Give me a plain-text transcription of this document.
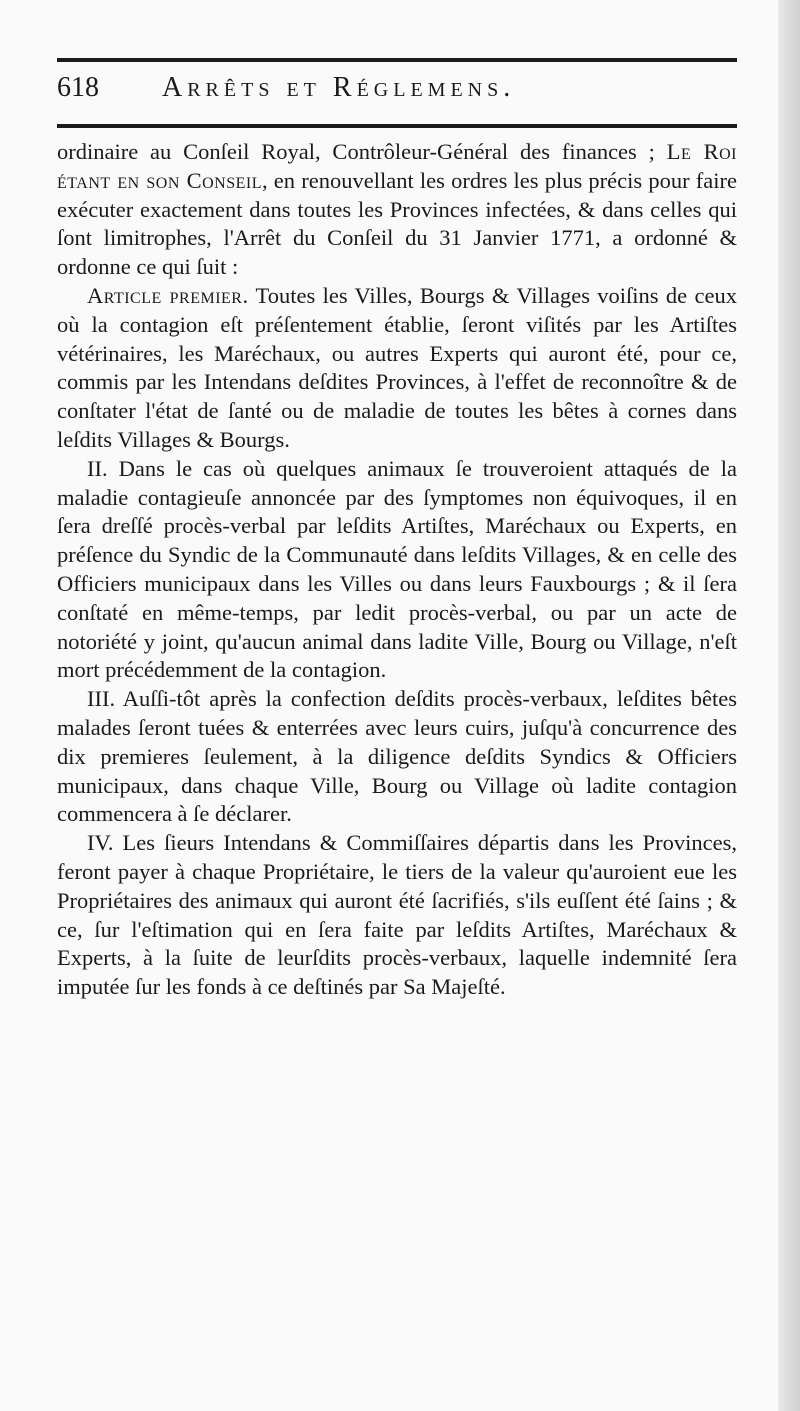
618 Arrêts et Réglemens.

ordinaire au Conſeil Royal, Contrôleur-Général des finances ; Le Roi étant en son Conseil, en renouvellant les ordres les plus précis pour faire exécuter exactement dans toutes les Provinces infectées, & dans celles qui ſont limitrophes, l'Arrêt du Conſeil du 31 Janvier 1771, a ordonné & ordonne ce qui ſuit :

Article premier. Toutes les Villes, Bourgs & Villages voiſins de ceux où la contagion eſt préſentement établie, ſeront viſités par les Artiſtes vétérinaires, les Maréchaux, ou autres Experts qui auront été, pour ce, commis par les Intendans deſdites Provinces, à l'effet de reconnoître & de conſtater l'état de ſanté ou de maladie de toutes les bêtes à cornes dans leſdits Villages & Bourgs.

II. Dans le cas où quelques animaux ſe trouveroient attaqués de la maladie contagieuſe annoncée par des ſymptomes non équivoques, il en ſera dreſſé procès-verbal par leſdits Artiſtes, Maréchaux ou Experts, en préſence du Syndic de la Communauté dans leſdits Villages, & en celle des Officiers municipaux dans les Villes ou dans leurs Fauxbourgs ; & il ſera conſtaté en même-temps, par ledit procès-verbal, ou par un acte de notoriété y joint, qu'aucun animal dans ladite Ville, Bourg ou Village, n'eſt mort précédemment de la contagion.

III. Auſſi-tôt après la confection deſdits procès-verbaux, leſdites bêtes malades ſeront tuées & enterrées avec leurs cuirs, juſqu'à concurrence des dix premieres ſeulement, à la diligence deſdits Syndics & Officiers municipaux, dans chaque Ville, Bourg ou Village où ladite contagion commencera à ſe déclarer.

IV. Les ſieurs Intendans & Commiſſaires départis dans les Provinces, feront payer à chaque Propriétaire, le tiers de la valeur qu'auroient eue les Propriétaires des animaux qui auront été ſacrifiés, s'ils euſſent été ſains ; & ce, ſur l'eſtimation qui en ſera faite par leſdits Artiſtes, Maréchaux & Experts, à la ſuite de leurſdits procès-verbaux, laquelle indemnité ſera imputée ſur les fonds à ce deſtinés par Sa Majeſté.
